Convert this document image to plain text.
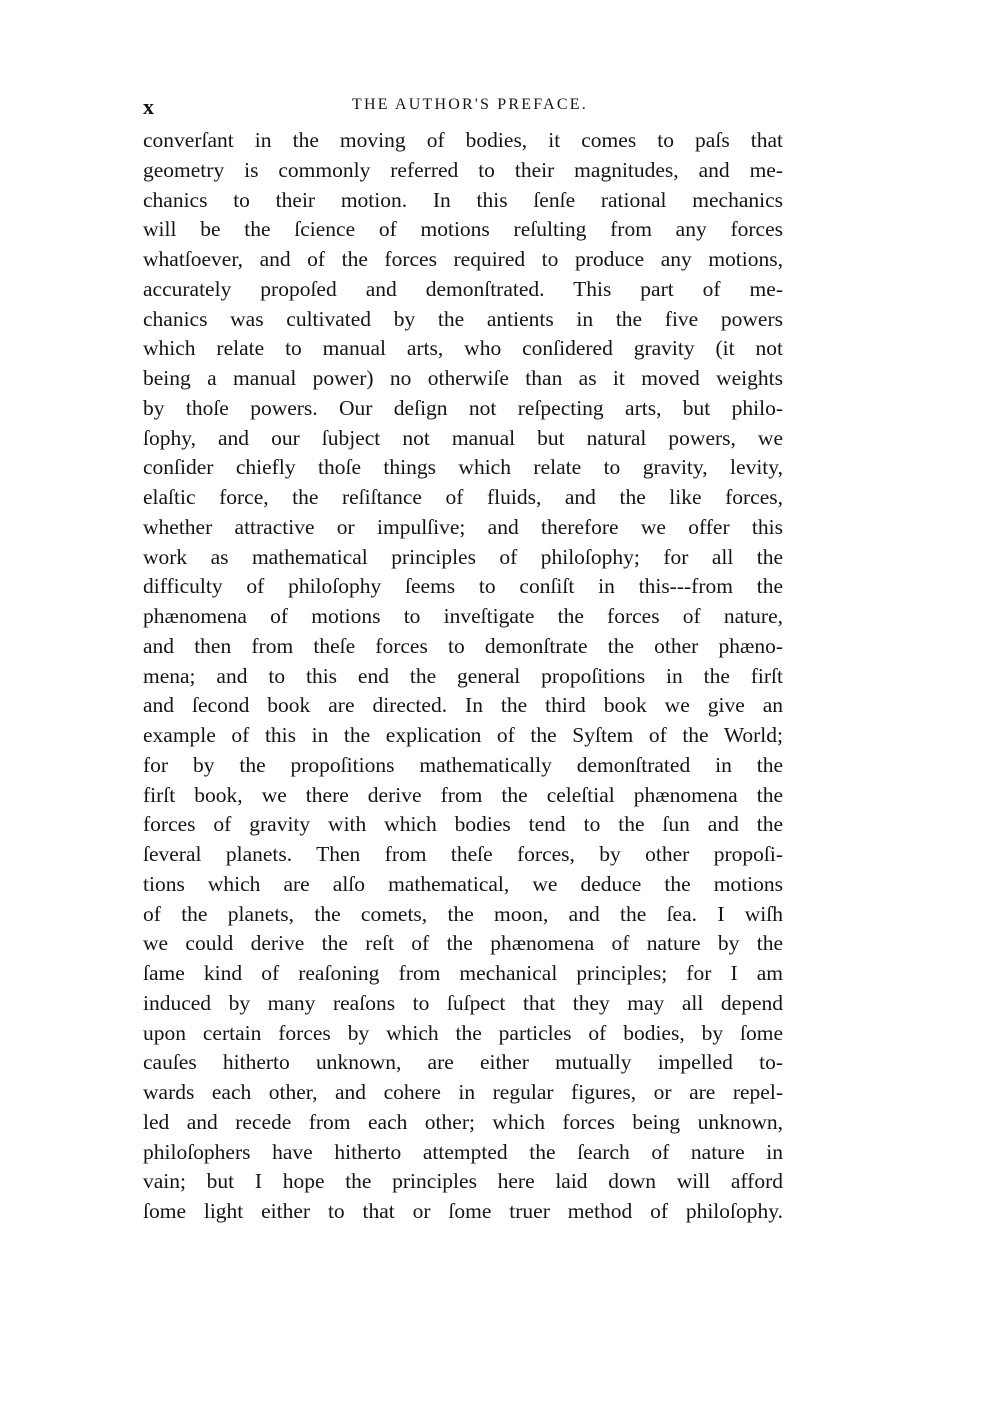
x	THE AUTHOR'S PREFACE.
converſant in the moving of bodies, it comes to paſs that
geometry is commonly referred to their magnitudes, and me-
chanics to their motion. In this ſenſe rational mechanics
will be the ſcience of motions reſulting from any forces
whatſoever, and of the forces required to produce any motions,
accurately propoſed and demonſtrated. This part of me-
chanics was cultivated by the antients in the five powers
which relate to manual arts, who conſidered gravity (it not
being a manual power) no otherwiſe than as it moved weights
by thoſe powers. Our deſign not reſpecting arts, but philo-
ſophy, and our ſubject not manual but natural powers, we
conſider chiefly thoſe things which relate to gravity, levity,
elaſtic force, the reſiſtance of fluids, and the like forces,
whether attractive or impulſive; and therefore we offer this
work as mathematical principles of philoſophy; for all the
difficulty of philoſophy ſeems to conſiſt in this---from the
phænomena of motions to inveſtigate the forces of nature,
and then from theſe forces to demonſtrate the other phæno-
mena; and to this end the general propoſitions in the firſt
and ſecond book are directed. In the third book we give an
example of this in the explication of the Syſtem of the World;
for by the propoſitions mathematically demonſtrated in the
firſt book, we there derive from the celeſtial phænomena the
forces of gravity with which bodies tend to the ſun and the
ſeveral planets. Then from theſe forces, by other propoſi-
tions which are alſo mathematical, we deduce the motions
of the planets, the comets, the moon, and the ſea. I wiſh
we could derive the reſt of the phænomena of nature by the
ſame kind of reaſoning from mechanical principles; for I am
induced by many reaſons to ſuſpect that they may all depend
upon certain forces by which the particles of bodies, by ſome
cauſes hitherto unknown, are either mutually impelled to-
wards each other, and cohere in regular figures, or are repel-
led and recede from each other; which forces being unknown,
philoſophers have hitherto attempted the ſearch of nature in
vain; but I hope the principles here laid down will afford
ſome light either to that or ſome truer method of philoſophy.
